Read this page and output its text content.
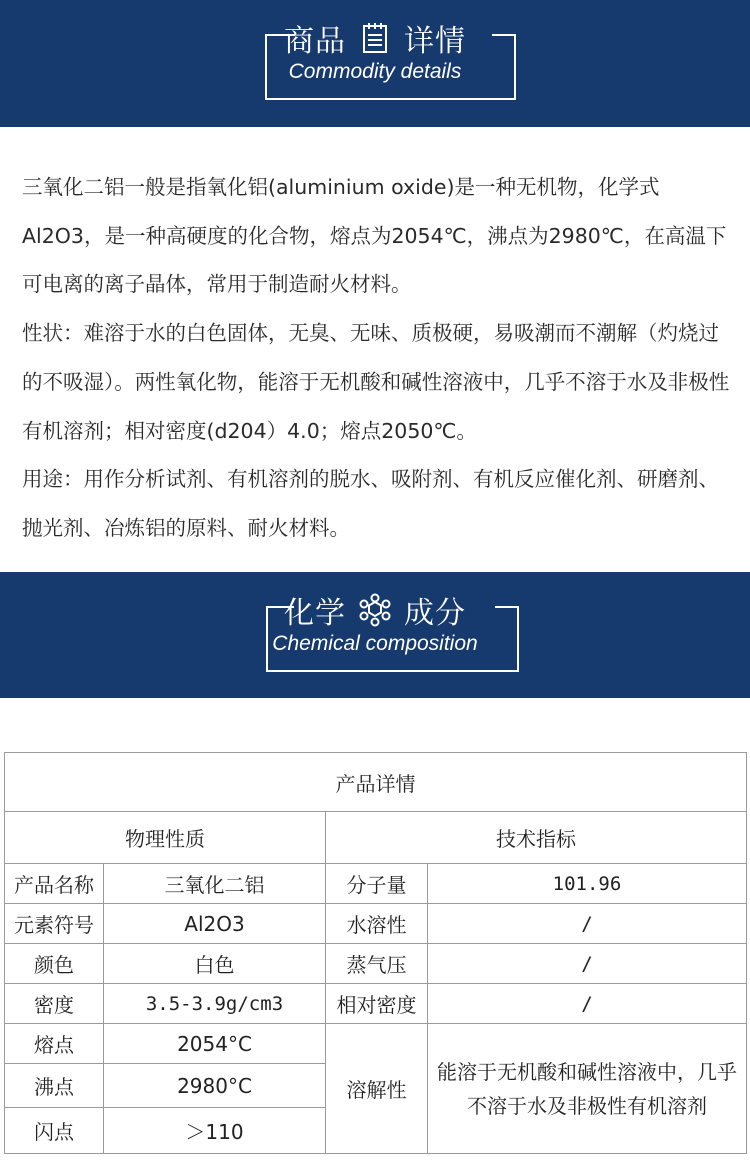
商品 详情
Commodity details

三氧化二铝一般是指氧化铝(aluminium oxide)是一种无机物，化学式Al2O3，是一种高硬度的化合物，熔点为2054℃，沸点为2980℃，在高温下可电离的离子晶体，常用于制造耐火材料。

性状：难溶于水的白色固体，无臭、无味、质极硬，易吸潮而不潮解（灼烧过的不吸湿）。两性氧化物，能溶于无机酸和碱性溶液中，几乎不溶于水及非极性有机溶剂；相对密度(d204）4.0；熔点2050℃。

用途：用作分析试剂、有机溶剂的脱水、吸附剂、有机反应催化剂、研磨剂、抛光剂、冶炼铝的原料、耐火材料。

化学 成分
Chemical composition
产品详情			
物理性质		技术指标	
产品名称	三氧化二铝	分子量	101.96
元素符号	Al2O3	水溶性	/
颜色	白色	蒸气压	/
密度	3.5-3.9g/cm3	相对密度	/
熔点	2054°C	溶解性	能溶于无机酸和碱性溶液中，几乎不溶于水及非极性有机溶剂
沸点	2980°C		
闪点	＞110		
